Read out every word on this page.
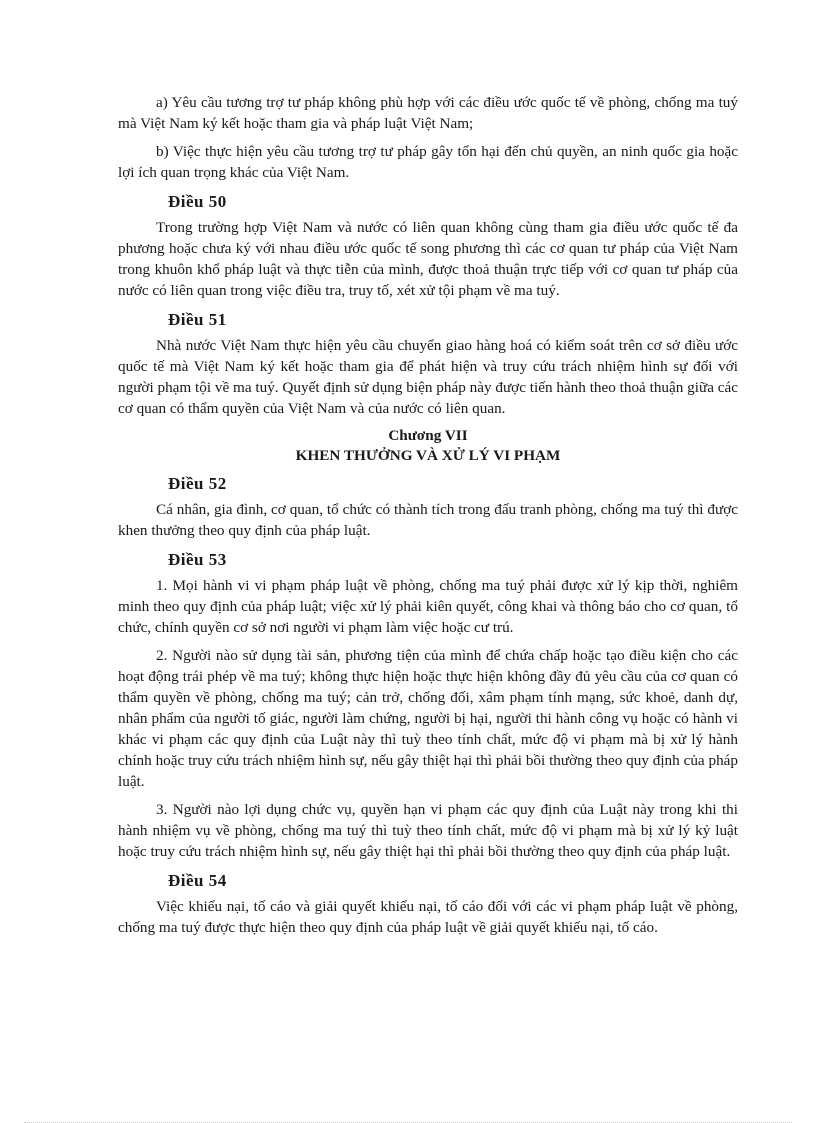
a) Yêu cầu tương trợ tư pháp không phù hợp với các điều ước quốc tế về phòng, chống ma tuý mà Việt Nam ký kết hoặc tham gia và pháp luật Việt Nam;

b) Việc thực hiện yêu cầu tương trợ tư pháp gây tổn hại đến chủ quyền, an ninh quốc gia hoặc lợi ích quan trọng khác của Việt Nam.

Điều 50

Trong trường hợp Việt Nam và nước có liên quan không cùng tham gia điều ước quốc tế đa phương hoặc chưa ký với nhau điều ước quốc tế song phương thì các cơ quan tư pháp của Việt Nam trong khuôn khổ pháp luật và thực tiễn của mình, được thoả thuận trực tiếp với cơ quan tư pháp của nước có liên quan trong việc điều tra, truy tố, xét xử tội phạm về ma tuý.

Điều 51

Nhà nước Việt Nam thực hiện yêu cầu chuyển giao hàng hoá có kiểm soát trên cơ sở điều ước quốc tế mà Việt Nam ký kết hoặc tham gia để phát hiện và truy cứu trách nhiệm hình sự đối với người phạm tội về ma tuý. Quyết định sử dụng biện pháp này được tiến hành theo thoả thuận giữa các cơ quan có thẩm quyền của Việt Nam và của nước có liên quan.

Chương VII
KHEN THƯỞNG VÀ XỬ LÝ VI PHẠM
Điều 52

Cá nhân, gia đình, cơ quan, tổ chức có thành tích trong đấu tranh phòng, chống ma tuý thì được khen thưởng theo quy định của pháp luật.

Điều 53

1. Mọi hành vi vi phạm pháp luật về phòng, chống ma tuý phải được xử lý kịp thời, nghiêm minh theo quy định của pháp luật; việc xử lý phải kiên quyết, công khai và thông báo cho cơ quan, tổ chức, chính quyền cơ sở nơi người vi phạm làm việc hoặc cư trú.

2. Người nào sử dụng tài sản, phương tiện của mình để chứa chấp hoặc tạo điều kiện cho các hoạt động trái phép về ma tuý; không thực hiện hoặc thực hiện không đầy đủ yêu cầu của cơ quan có thẩm quyền về phòng, chống ma tuý; cản trở, chống đối, xâm phạm tính mạng, sức khoẻ, danh dự, nhân phẩm của người tố giác, người làm chứng, người bị hại, người thi hành công vụ hoặc có hành vi khác vi phạm các quy định của Luật này thì tuỳ theo tính chất, mức độ vi phạm mà bị xử lý hành chính hoặc truy cứu trách nhiệm hình sự, nếu gây thiệt hại thì phải bồi thường theo quy định của pháp luật.

3. Người nào lợi dụng chức vụ, quyền hạn vi phạm các quy định của Luật này trong khi thi hành nhiệm vụ về phòng, chống ma tuý thì tuỳ theo tính chất, mức độ vi phạm mà bị xử lý kỷ luật hoặc truy cứu trách nhiệm hình sự, nếu gây thiệt hại thì phải bồi thường theo quy định của pháp luật.

Điều 54

Việc khiếu nại, tố cáo và giải quyết khiếu nại, tố cáo đối với các vi phạm pháp luật về phòng, chống ma tuý được thực hiện theo quy định của pháp luật về giải quyết khiếu nại, tố cáo.
